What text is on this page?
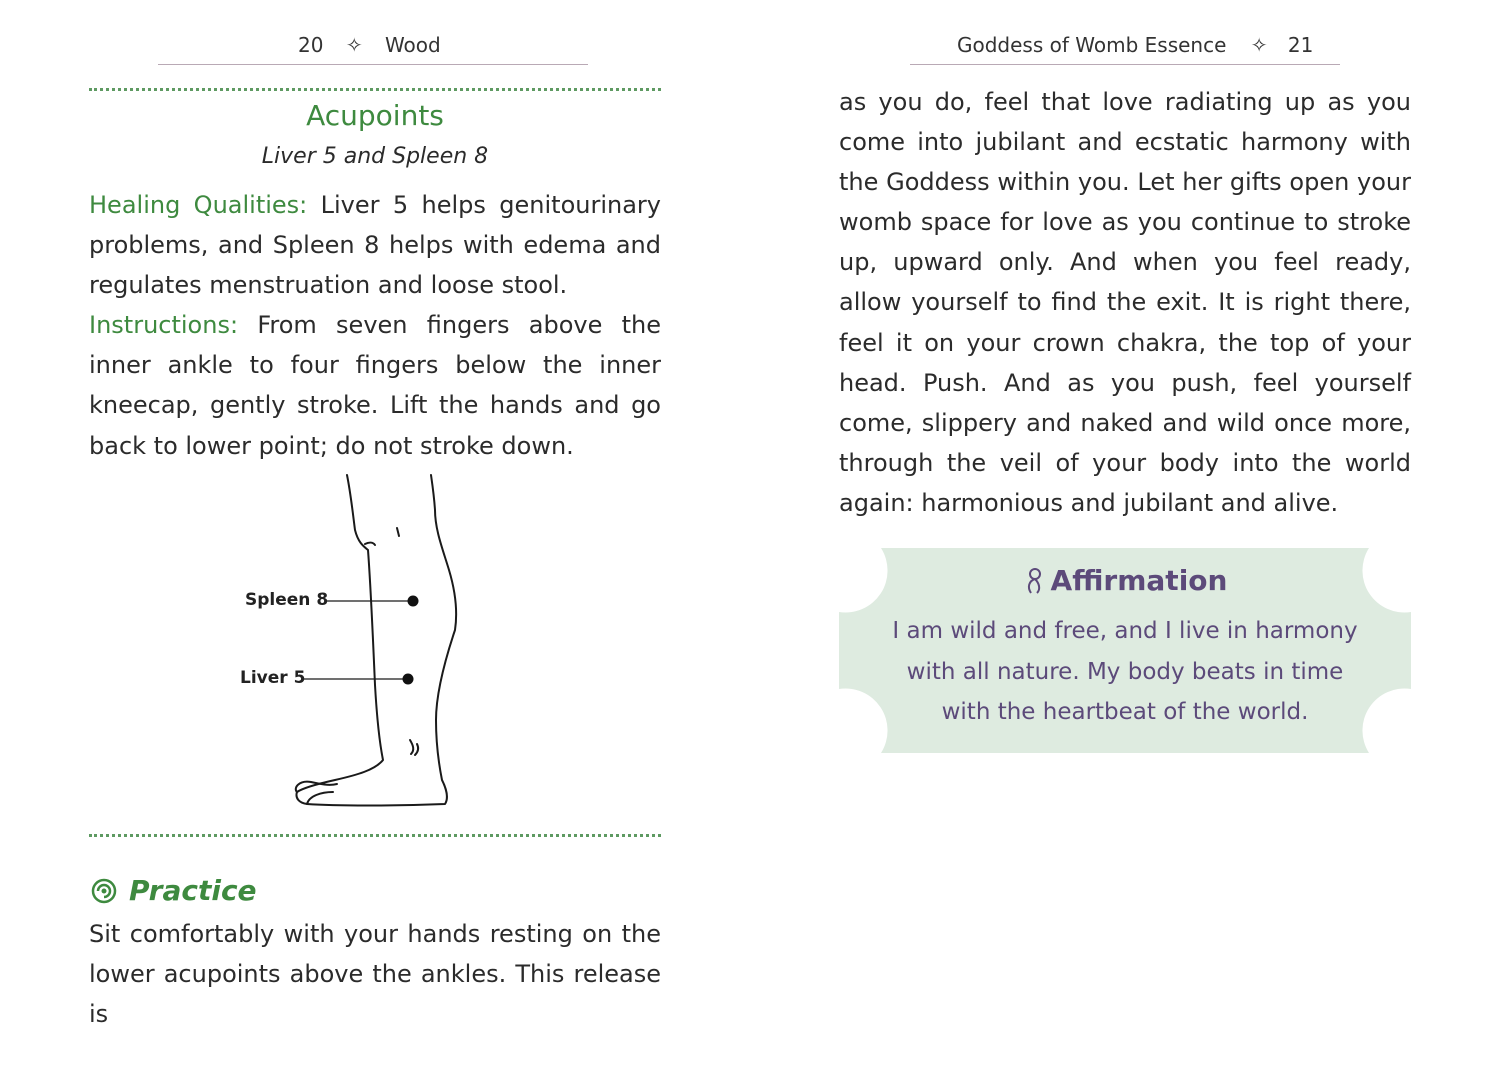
20 ✧ Wood	Goddess of Womb Essence ✧ 21
Acupoints
Liver 5 and Spleen 8
Healing Qualities: Liver 5 helps genitourinary problems, and Spleen 8 helps with edema and regulates menstruation and loose stool.
Instructions: From seven fingers above the inner ankle to four fingers below the inner kneecap, gently stroke. Lift the hands and go back to lower point; do not stroke down.
Spleen 8
Liver 5
Practice
Sit comfortably with your hands resting on the lower acupoints above the ankles. This release is
as you do, feel that love radiating up as you come into jubilant and ecstatic harmony with the Goddess within you. Let her gifts open your womb space for love as you continue to stroke up, upward only. And when you feel ready, allow yourself to find the exit. It is right there, feel it on your crown chakra, the top of your head. Push. And as you push, feel yourself come, slippery and naked and wild once more, through the veil of your body into the world again: harmonious and jubilant and alive.
Affirmation
I am wild and free, and I live in harmony with all nature. My body beats in time with the heartbeat of the world.
